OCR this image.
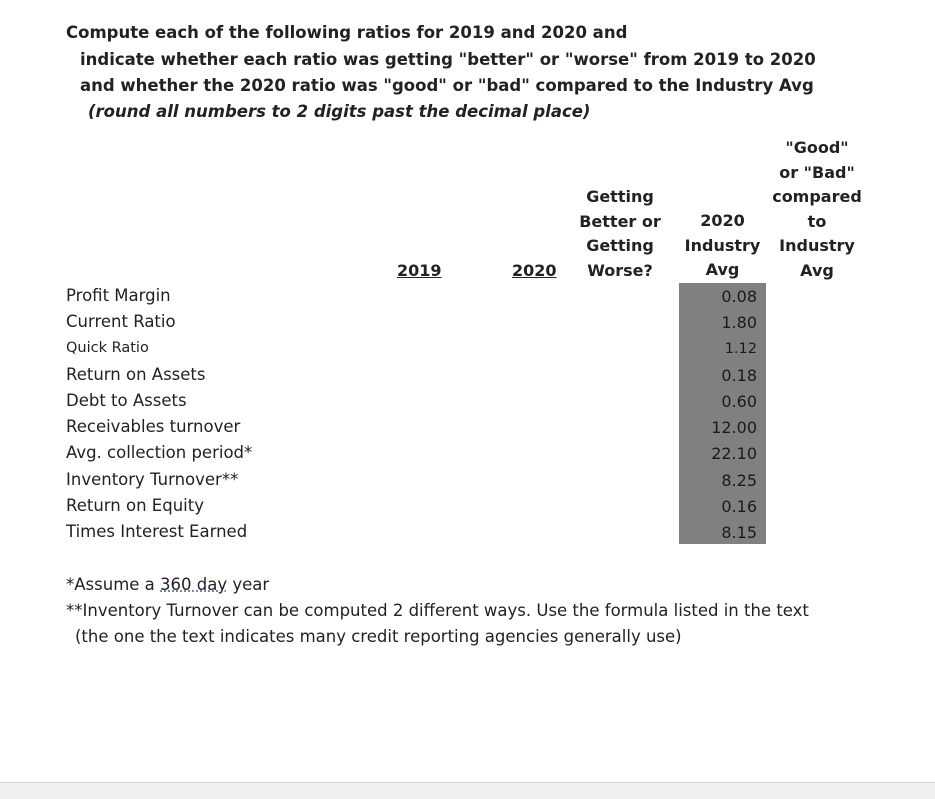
Compute each of the following ratios for 2019 and 2020 and
indicate whether each ratio was getting "better" or "worse" from 2019 to 2020
and whether the 2020 ratio was "good" or "bad" compared to the Industry Avg
(round all numbers to 2 digits past the decimal place)
2019	2020
Getting
Better or
Getting
Worse?
2020
Industry
Avg
"Good"
or "Bad"
compared
to
Industry
Avg
Profit Margin
Current Ratio
Quick Ratio
Return on Assets
Debt to Assets
Receivables turnover
Avg. collection period*
Inventory Turnover**
Return on Equity
Times Interest Earned
0.08
1.80
1.12
0.18
0.60
12.00
22.10
8.25
0.16
8.15
*Assume a 360 day year
**Inventory Turnover can be computed 2 different ways. Use the formula listed in the text
(the one the text indicates many credit reporting agencies generally use)
